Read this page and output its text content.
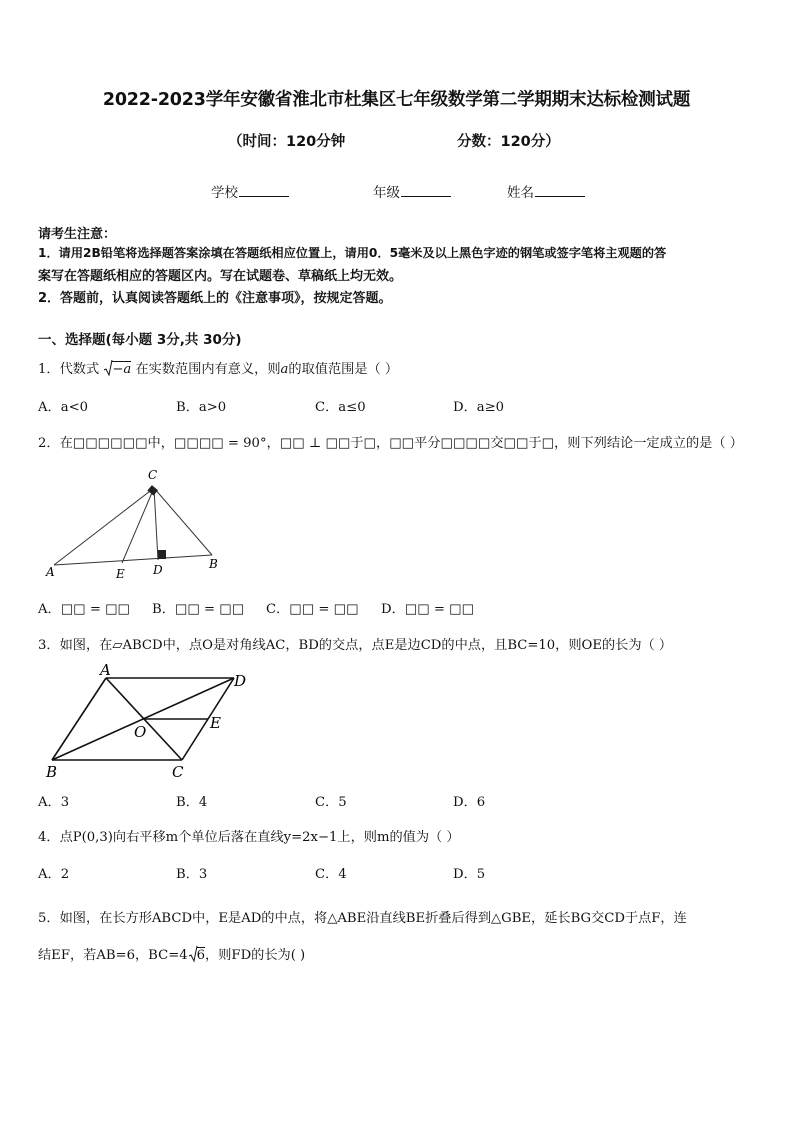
2022-2023学年安徽省淮北市杜集区七年级数学第二学期期末达标检测试题
（时间：120分钟	分数：120分）
学校	年级	姓名
请考生注意：
1．请用2B铅笔将选择题答案涂填在答题纸相应位置上，请用0．5毫米及以上黑色字迹的钢笔或签字笔将主观题的答
案写在答题纸相应的答题区内。写在试题卷、草稿纸上均无效。
2．答题前，认真阅读答题纸上的《注意事项》，按规定答题。
一、选择题(每小题 3分,共 30分)
1．代数式 −a 在实数范围内有意义，则a的取值范围是（ ）
A．a<0	B．a>0	C．a≤0	D．a≥0
2．在□□□□□□中，□□□□ = 90°，□□ ⊥ □□于□，□□平分□□□□交□□于□，则下列结论一定成立的是（ ）
C
A	E D	B
A．□□ = □□ B．□□ = □□ C．□□ = □□ D．□□ = □□
3．如图，在▱ABCD中，点O是对角线AC，BD的交点，点E是边CD的中点，且BC=10，则OE的长为（ ）
A
D
E
O
B	C
A．3	B．4	C．5	D．6
4．点P(0,3)向右平移m个单位后落在直线y=2x−1上，则m的值为（ ）
A．2	B．3	C．4	D．5
5．如图，在长方形ABCD中，E是AD的中点，将△ABE沿直线BE折叠后得到△GBE，延长BG交CD于点F，连
结EF，若AB=6，BC=4 6，则FD的长为( )
